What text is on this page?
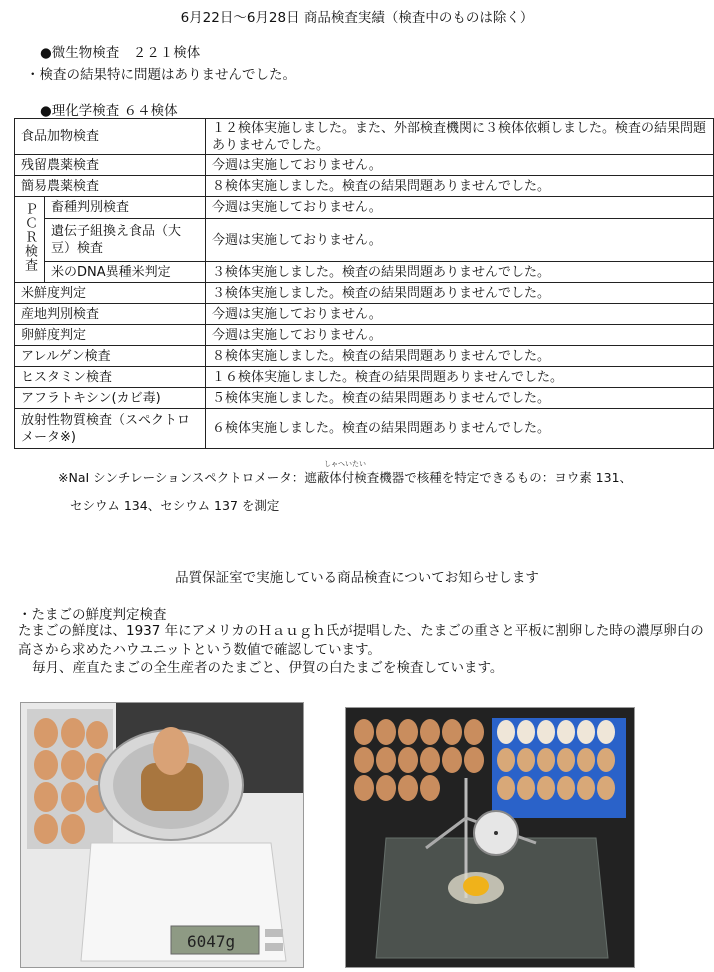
6月22日～6月28日 商品検査実績（検査中のものは除く）
●微生物検査　２２１検体
・検査の結果特に問題はありませんでした。
●理化学検査 ６４検体
食品加物検査		１２検体実施しました。また、外部検査機関に３検体依頼しました。検査の結果問題ありませんでした。
残留農薬検査		今週は実施しておりません。
簡易農薬検査		８検体実施しました。検査の結果問題ありませんでした。
ＰＣＲ検査	畜種判別検査	今週は実施しておりません。
	遺伝子組換え食品（大豆）検査	今週は実施しておりません。
	米のDNA異種米判定	３検体実施しました。検査の結果問題ありませんでした。
米鮮度判定		３検体実施しました。検査の結果問題ありませんでした。
産地判別検査		今週は実施しておりません。
卵鮮度判定		今週は実施しておりません。
アレルゲン検査		８検体実施しました。検査の結果問題ありませんでした。
ヒスタミン検査		１６検体実施しました。検査の結果問題ありませんでした。
アフラトキシン(カビ毒)		５検体実施しました。検査の結果問題ありませんでした。
放射性物質検査（スペクトロメータ※)		６検体実施しました。検査の結果問題ありませんでした。
しゃへいたい
※NaI シンチレーションスペクトロメータ：遮蔽体付検査機器で核種を特定できるもの：ヨウ素 131、
セシウム 134、セシウム 137 を測定
品質保証室で実施している商品検査についてお知らせします
・たまごの鮮度判定検査
たまごの鮮度は、1937 年にアメリカのＨａｕｇｈ氏が提唱した、たまごの重さと平板に割卵した時の濃厚卵白の高さから求めたハウユニットという数値で確認しています。
毎月、産直たまごの全生産者のたまごと、伊賀の白たまごを検査しています。
6047g
